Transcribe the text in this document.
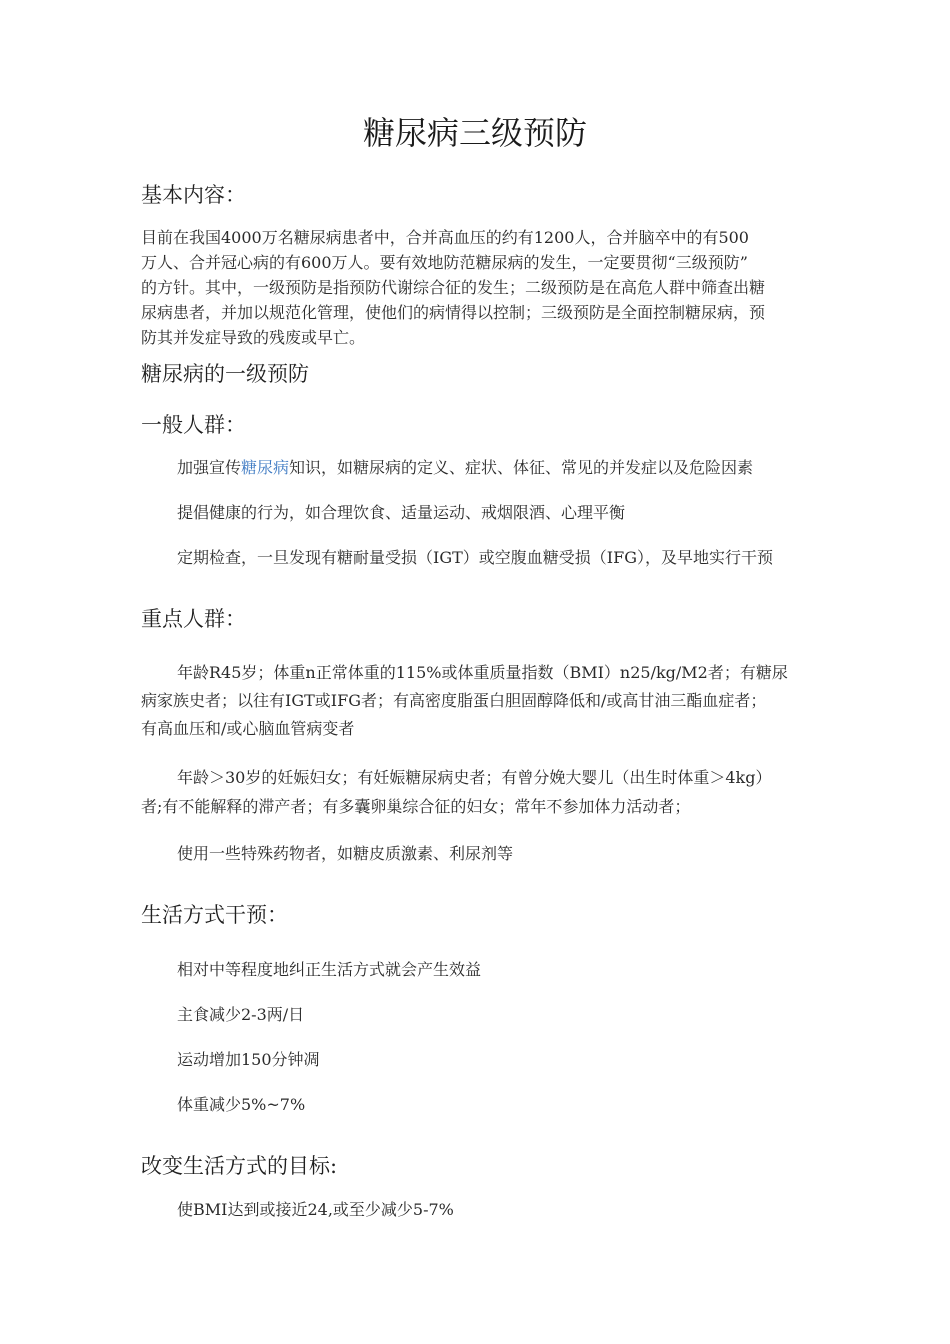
糖尿病三级预防
基本内容：
目前在我国4000万名糖尿病患者中，合并高血压的约有1200人，合并脑卒中的有500
万人、合并冠心病的有600万人。要有效地防范糖尿病的发生，一定要贯彻“三级预防”
的方针。其中，一级预防是指预防代谢综合征的发生；二级预防是在高危人群中筛查出糖
尿病患者，并加以规范化管理，使他们的病情得以控制；三级预防是全面控制糖尿病，预
防其并发症导致的残废或早亡。
糖尿病的一级预防
一般人群：
加强宣传糖尿病知识，如糖尿病的定义、症状、体征、常见的并发症以及危险因素
提倡健康的行为，如合理饮食、适量运动、戒烟限酒、心理平衡
定期检查，一旦发现有糖耐量受损（IGT）或空腹血糖受损（IFG），及早地实行干预
重点人群：
年龄R45岁；体重n正常体重的115%或体重质量指数（BMI）n25/kg/M2者；有糖尿
病家族史者；以往有IGT或IFG者；有高密度脂蛋白胆固醇降低和/或高甘油三酯血症者；
有高血压和/或心脑血管病变者
年龄＞30岁的妊娠妇女；有妊娠糖尿病史者；有曾分娩大婴儿（出生时体重＞4kg）
者;有不能解释的滞产者；有多囊卵巢综合征的妇女；常年不参加体力活动者；
使用一些特殊药物者，如糖皮质激素、利尿剂等
生活方式干预：
相对中等程度地纠正生活方式就会产生效益
主食减少2-3两/日
运动增加150分钟凋
体重减少5%~7%
改变生活方式的目标:
使BMI达到或接近24,或至少减少5-7%
